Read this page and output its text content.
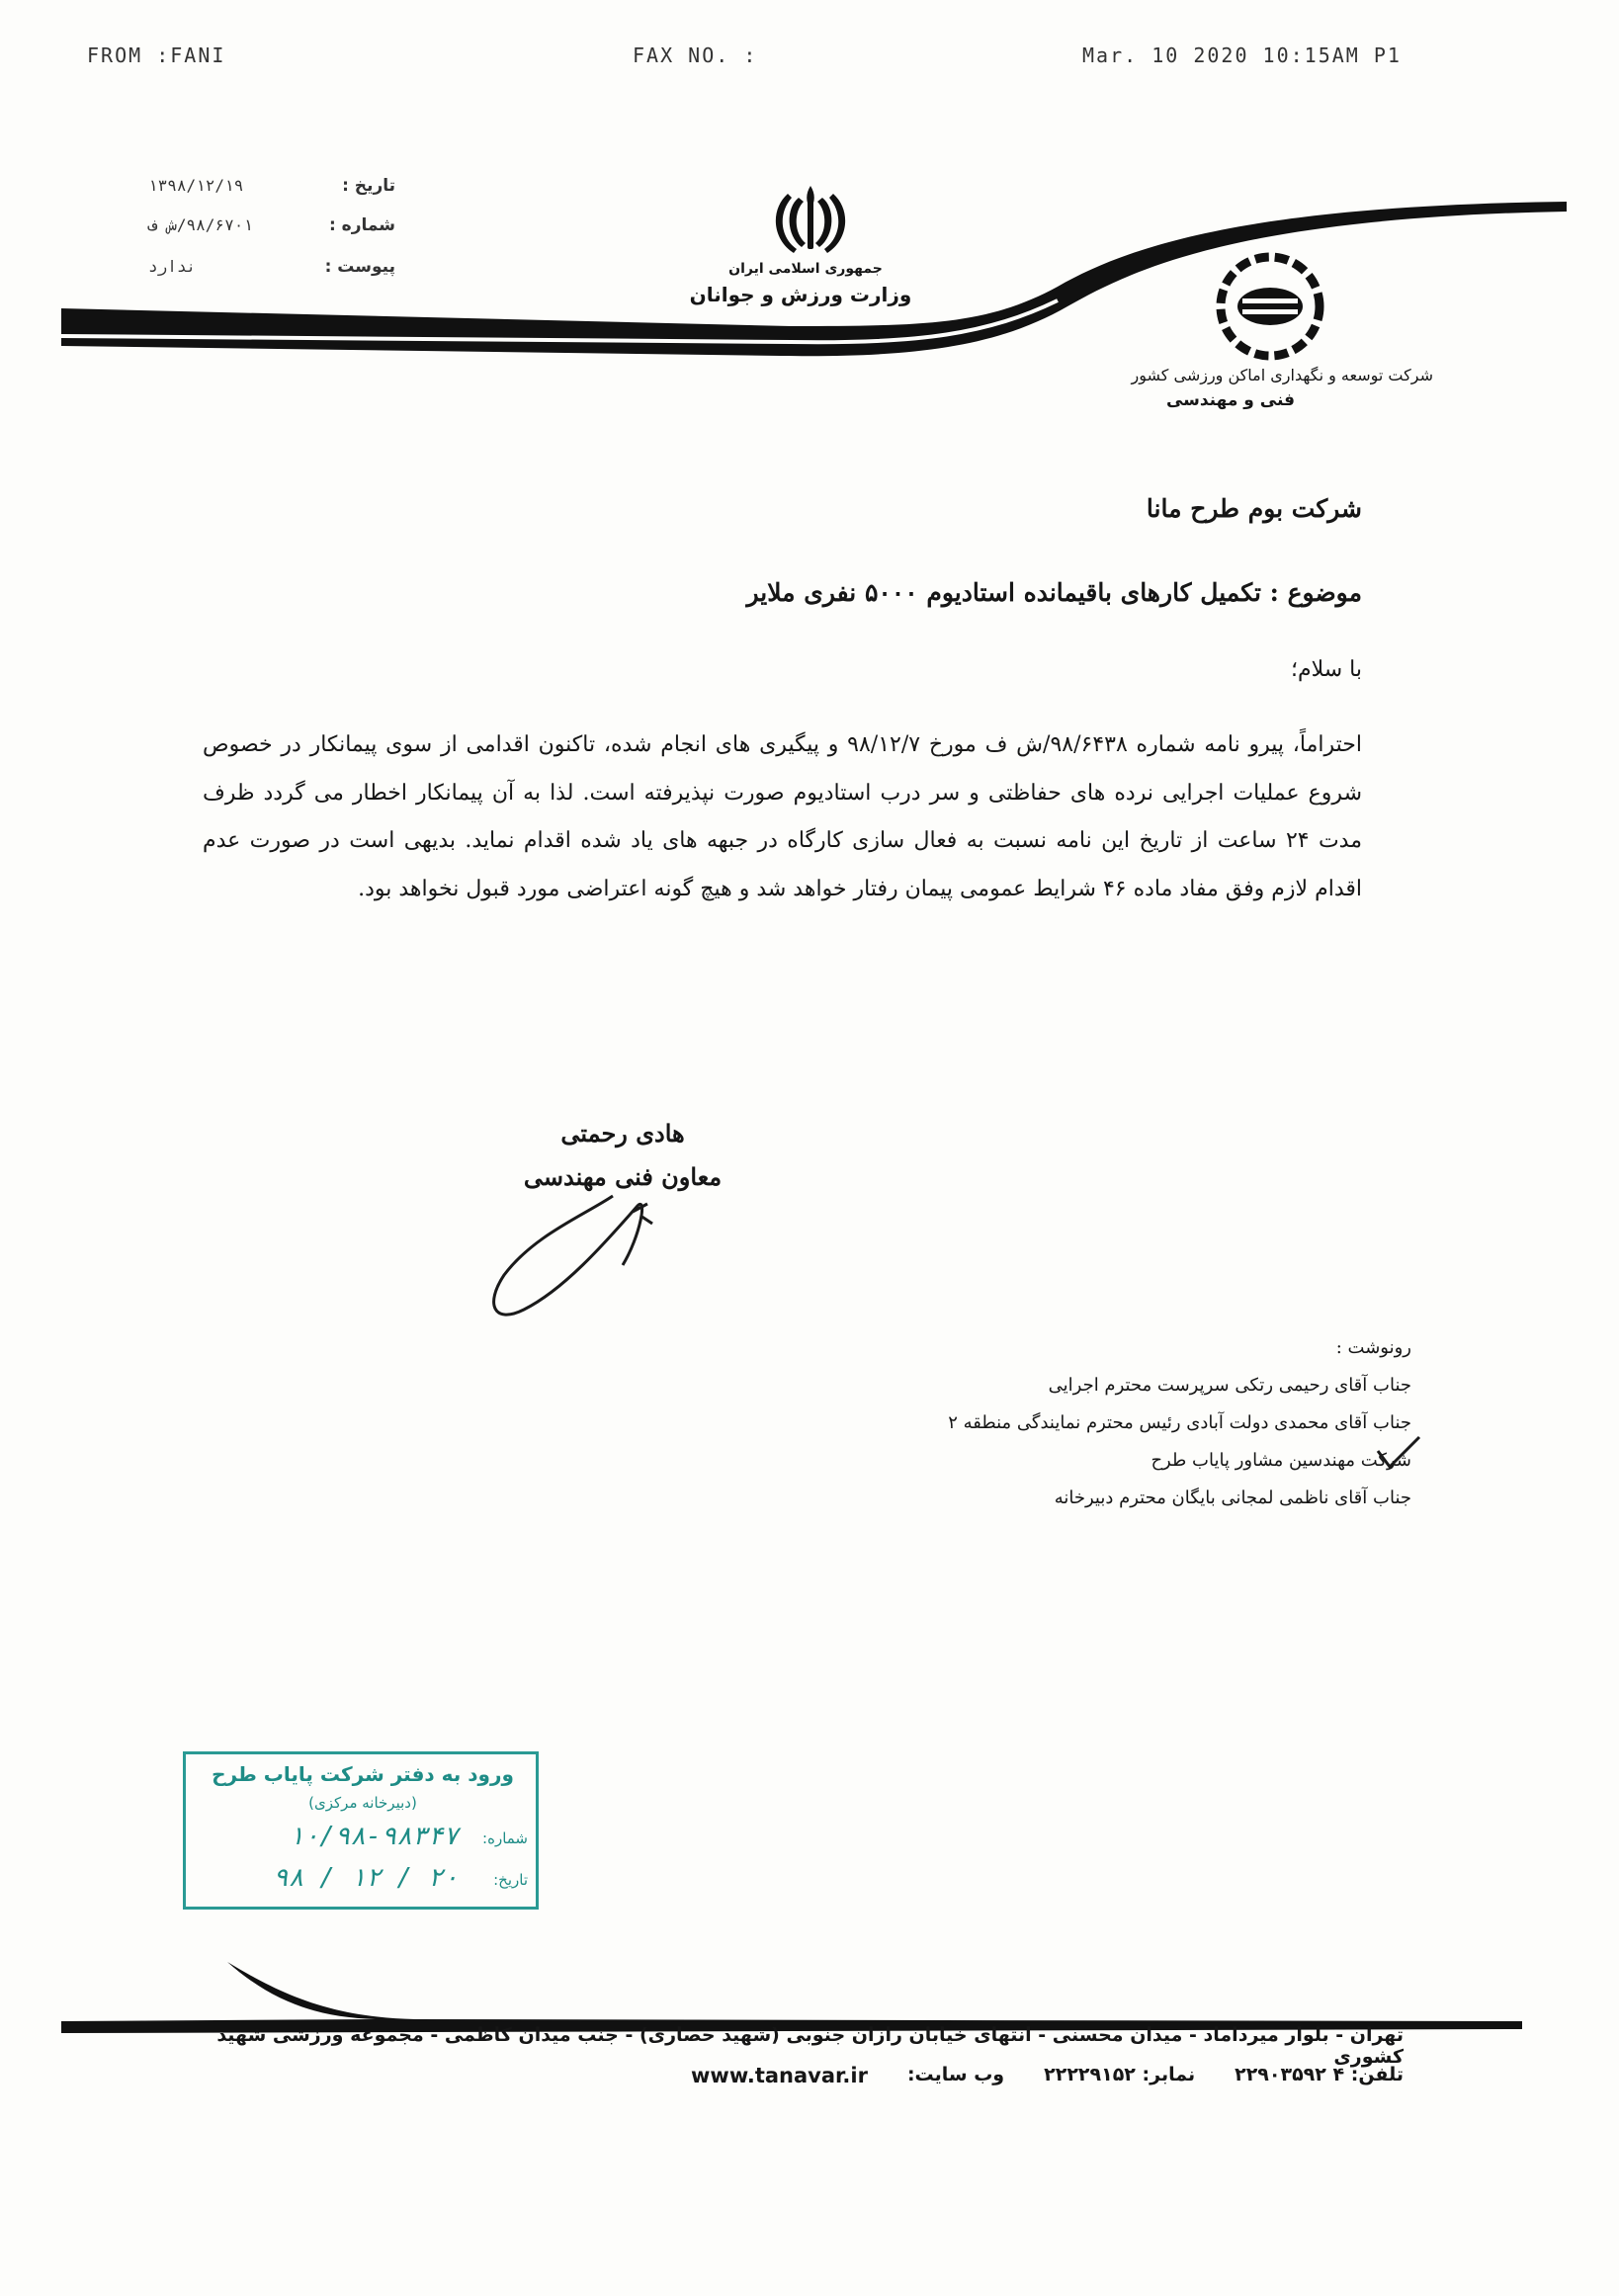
FROM :FANI	FAX NO. :	Mar. 10 2020 10:15AM P1
تاریخ :
۱۳۹۸/۱۲/۱۹
شماره :
۹۸/۶۷۰۱/ش ف
پیوست :
ندارد	جمهوری اسلامی ایران
وزارت ورزش و جوانان
شرکت توسعه و نگهداری اماکن ورزشی کشور
فنی و مهندسی
شرکت بوم طرح مانا
موضوع : تکمیل کارهای باقیمانده استادیوم ۵۰۰۰ نفری ملایر
با سلام؛
احتراماً، پیرو نامه شماره ۹۸/۶۴۳۸/ش ف مورخ ۹۸/۱۲/۷ و پیگیری های انجام شده، تاکنون اقدامی از سوی پیمانکار در خصوص شروع عملیات اجرایی نرده های حفاظتی و سر درب استادیوم صورت نپذیرفته است. لذا به آن پیمانکار اخطار می گردد ظرف مدت ۲۴ ساعت از تاریخ این نامه نسبت به فعال سازی کارگاه در جبهه های یاد شده اقدام نماید. بدیهی است در صورت عدم اقدام لازم وفق مفاد ماده ۴۶ شرایط عمومی پیمان رفتار خواهد شد و هیچ گونه اعتراضی مورد قبول نخواهد بود.
هادی رحمتی
معاون فنی مهندسی
رونوشت :
جناب آقای رحیمی رتکی سرپرست محترم اجرایی
جناب آقای محمدی دولت آبادی رئیس محترم نمایندگی منطقه ۲
شرکت مهندسین مشاور پایاب طرح
جناب آقای ناظمی لمجانی بایگان محترم دبیرخانه
ورود به دفتر شرکت پایاب طرح
(دبیرخانه مرکزی)
شماره:
۱۰/۹۸-۹۸۳۴۷
تاریخ:
۹۸ / ۱۲ / ۲۰
تهران - بلوار میرداماد - میدان محسنی - انتهای خیابان رازان جنوبی (شهید حصاری) - جنب میدان کاظمی - مجموعه ورزشی شهید کشوری
تلفن: ۴ ۲۲۹۰۳۵۹۲
نمابر: ۲۲۲۲۹۱۵۲
وب سایت:
www.tanavar.ir
